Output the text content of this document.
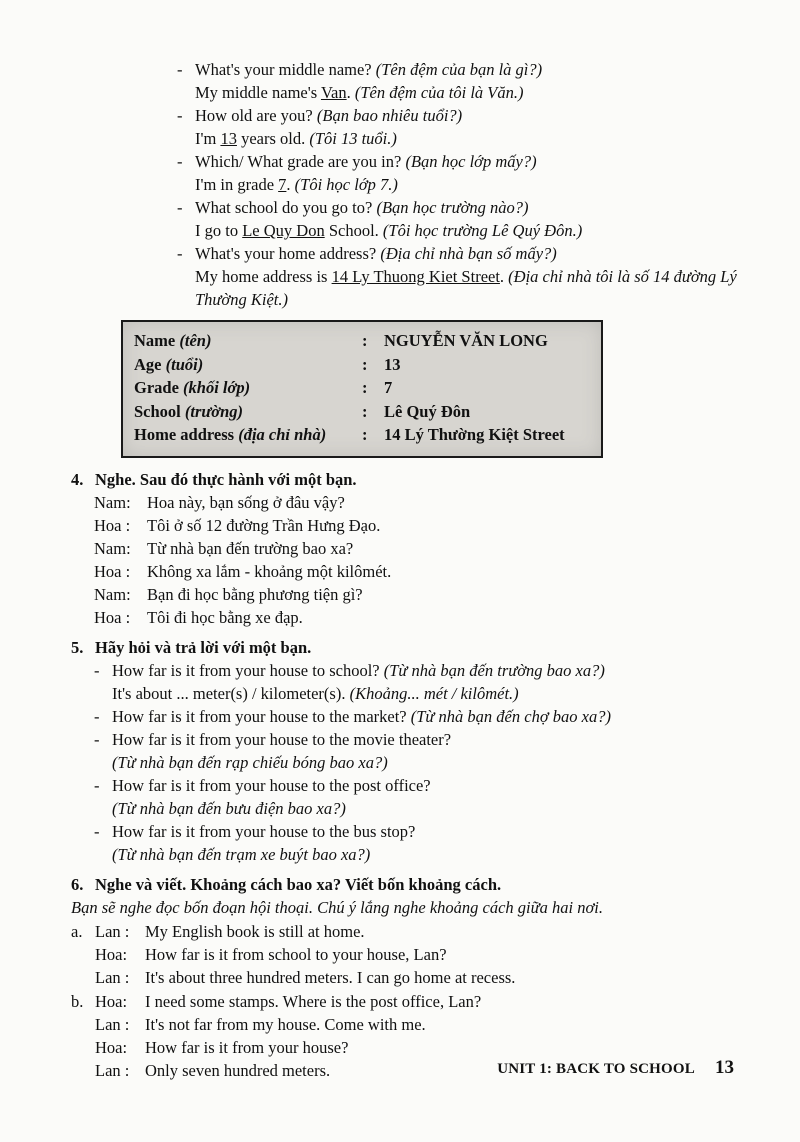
- What's your middle name? (Tên đệm của bạn là gì?)
My middle name's Van. (Tên đệm của tôi là Văn.)
- How old are you? (Bạn bao nhiêu tuổi?)
I'm 13 years old. (Tôi 13 tuổi.)
- Which/ What grade are you in? (Bạn học lớp mấy?)
I'm in grade 7. (Tôi học lớp 7.)
- What school do you go to? (Bạn học trường nào?)
I go to Le Quy Don School. (Tôi học trường Lê Quý Đôn.)
- What's your home address? (Địa chỉ nhà bạn số mấy?)
My home address is 14 Ly Thuong Kiet Street. (Địa chỉ nhà tôi là số 14 đường Lý Thường Kiệt.)
Name (tên)	:	NGUYỄN VĂN LONG
Age (tuổi)	:	13
Grade (khối lớp)	:	7
School (trường)	:	Lê Quý Đôn
Home address (địa chỉ nhà)	:	14 Lý Thường Kiệt Street
4. Nghe. Sau đó thực hành với một bạn.
Nam: Hoa này, bạn sống ở đâu vậy?
Hoa :	Tôi ở số 12 đường Trần Hưng Đạo.
Nam: Từ nhà bạn đến trường bao xa?
Hoa :	Không xa lắm - khoảng một kilômét.
Nam: Bạn đi học bằng phương tiện gì?
Hoa :	Tôi đi học bằng xe đạp.
5. Hãy hỏi và trả lời với một bạn.
- How far is it from your house to school? (Từ nhà bạn đến trường bao xa?)
It's about ... meter(s) / kilometer(s). (Khoảng... mét / kilômét.)
- How far is it from your house to the market? (Từ nhà bạn đến chợ bao xa?)
- How far is it from your house to the movie theater?
(Từ nhà bạn đến rạp chiếu bóng bao xa?)
- How far is it from your house to the post office?
(Từ nhà bạn đến bưu điện bao xa?)
- How far is it from your house to the bus stop?
(Từ nhà bạn đến trạm xe buýt bao xa?)
6. Nghe và viết. Khoảng cách bao xa? Viết bốn khoảng cách.
Bạn sẽ nghe đọc bốn đoạn hội thoại. Chú ý lắng nghe khoảng cách giữa hai nơi.
a. Lan : My English book is still at home.
Hoa:	How far is it from school to your house, Lan?
Lan : It's about three hundred meters. I can go home at recess.
b. Hoa:	I need some stamps. Where is the post office, Lan?
Lan : It's not far from my house. Come with me.
Hoa:	How far is it from your house?
Lan : Only seven hundred meters.	UNIT 1: BACK TO SCHOOL 13
